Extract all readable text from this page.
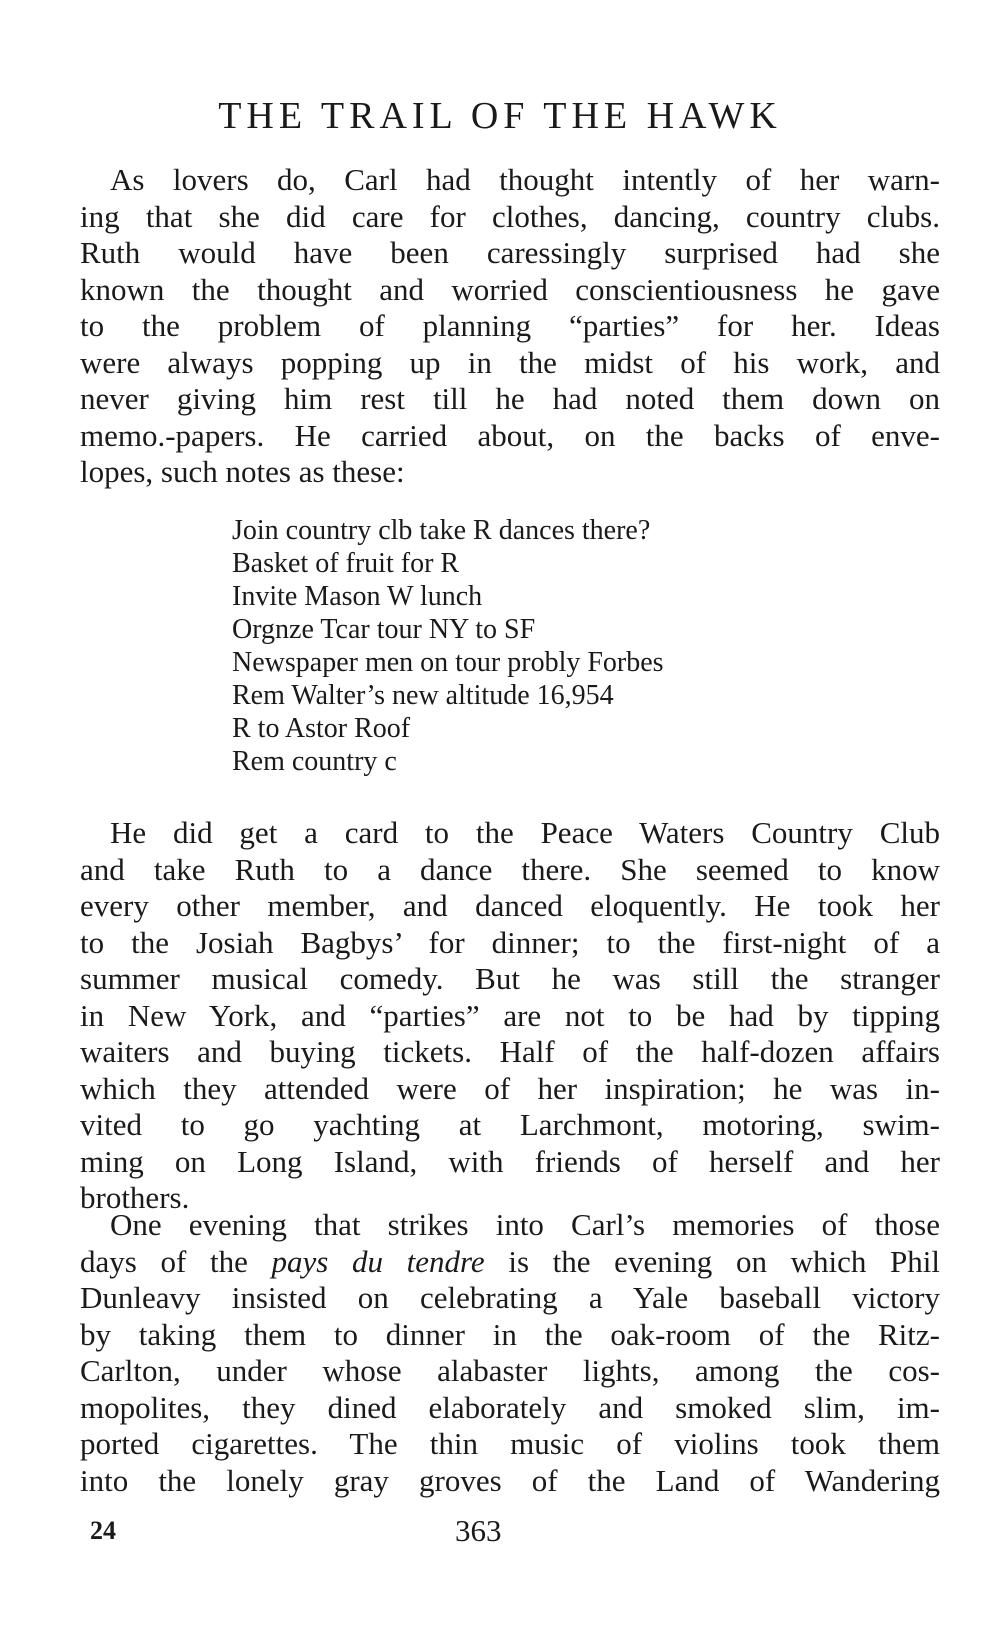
THE TRAIL OF THE HAWK
As lovers do, Carl had thought intently of her warn-
ing that she did care for clothes, dancing, country clubs.
Ruth would have been caressingly surprised had she
known the thought and worried conscientiousness he gave
to the problem of planning “parties” for her. Ideas
were always popping up in the midst of his work, and
never giving him rest till he had noted them down on
memo.-papers. He carried about, on the backs of enve-
lopes, such notes as these:
Join country clb take R dances there?
Basket of fruit for R
Invite Mason W lunch
Orgnze Tcar tour NY to SF
Newspaper men on tour probly Forbes
Rem Walter’s new altitude 16,954
R to Astor Roof
Rem country c
He did get a card to the Peace Waters Country Club
and take Ruth to a dance there. She seemed to know
every other member, and danced eloquently. He took her
to the Josiah Bagbys’ for dinner; to the first-night of a
summer musical comedy. But he was still the stranger
in New York, and “parties” are not to be had by tipping
waiters and buying tickets. Half of the half-dozen affairs
which they attended were of her inspiration; he was in-
vited to go yachting at Larchmont, motoring, swim-
ming on Long Island, with friends of herself and her
brothers.
One evening that strikes into Carl’s memories of those
days of the pays du tendre is the evening on which Phil
Dunleavy insisted on celebrating a Yale baseball victory
by taking them to dinner in the oak-room of the Ritz-
Carlton, under whose alabaster lights, among the cos-
mopolites, they dined elaborately and smoked slim, im-
ported cigarettes. The thin music of violins took them
into the lonely gray groves of the Land of Wandering
24	363
